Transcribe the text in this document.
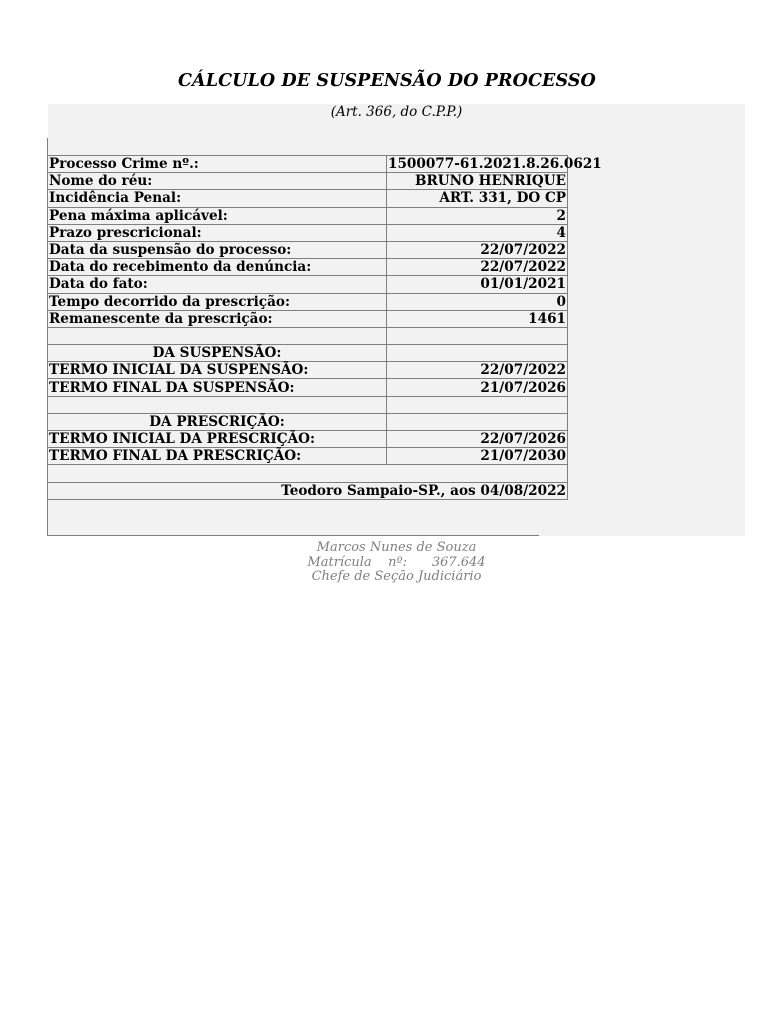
CÁLCULO DE SUSPENSÃO DO PROCESSO
(Art. 366, do C.P.P.)
Processo Crime nº.:	1500077-61.2021.8.26.0621
Nome do réu:	BRUNO HENRIQUE
Incidência Penal:	ART. 331, DO CP
Pena máxima aplicável:	2
Prazo prescricional:	4
Data da suspensão do processo:	22/07/2022
Data do recebimento da denúncia:	22/07/2022
Data do fato:	01/01/2021
Tempo decorrido da prescrição:	0
Remanescente da prescrição:	1461

DA SUSPENSÃO:	
TERMO INICIAL DA SUSPENSÃO:	22/07/2022
TERMO FINAL DA SUSPENSÃO:	21/07/2026

DA PRESCRIÇÃO:	
TERMO INICIAL DA PRESCRIÇÃO:	22/07/2026
TERMO FINAL DA PRESCRIÇÃO:	21/07/2030

Teodoro Sampaio-SP., aos 04/08/2022	
Marcos Nunes de Souza
Matrícula    nº:      367.644
Chefe de Seção Judiciário
